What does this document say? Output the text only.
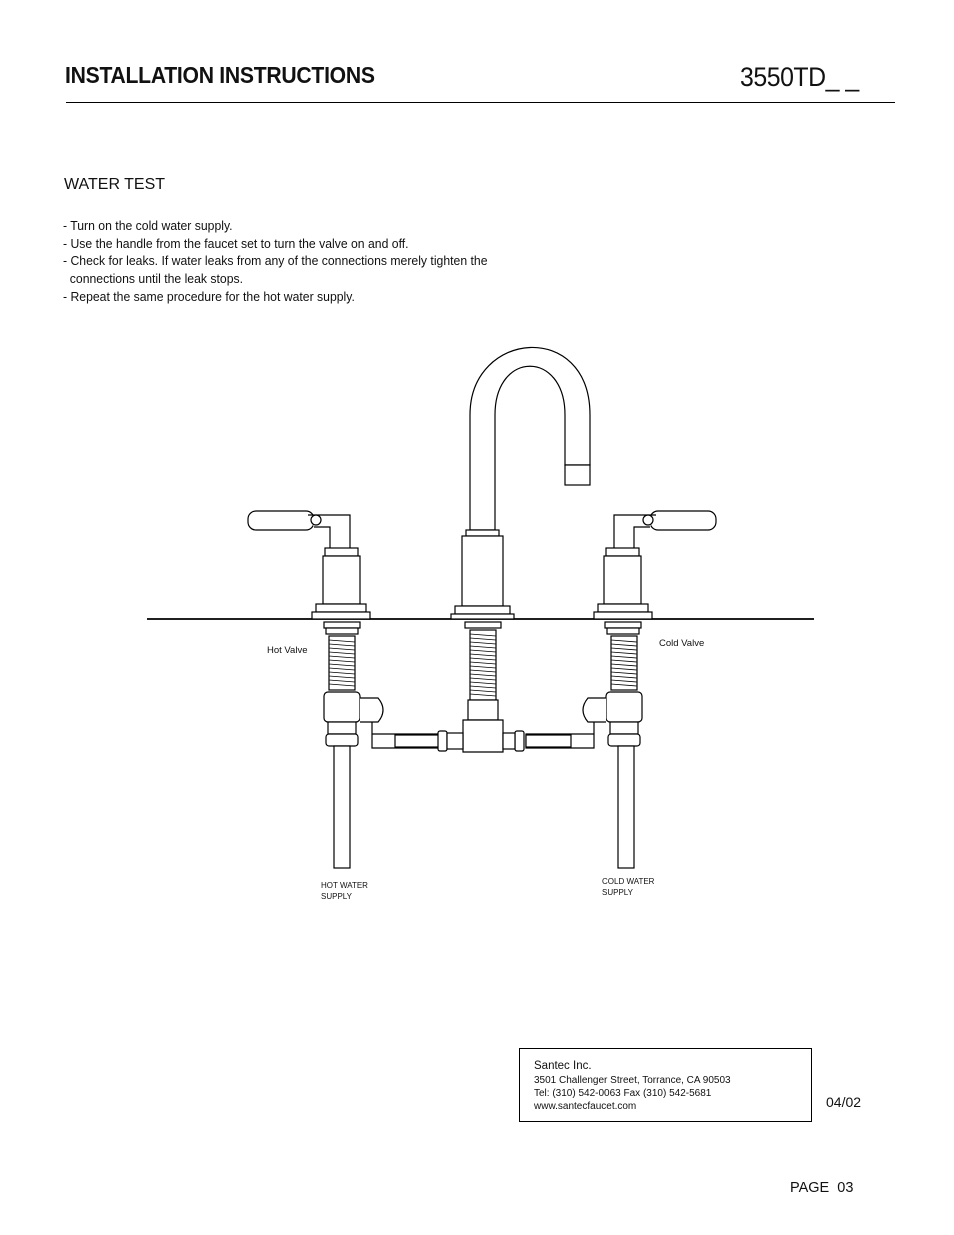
INSTALLATION INSTRUCTIONS	3550TD_ _
WATER TEST
- Turn on the cold water supply.
- Use the handle from the faucet set to turn the valve on and off.
- Check for leaks. If water leaks from any of the connections merely tighten the
connections until the leak stops.
- Repeat the same procedure for the hot water supply.
Hot Valve
Cold Valve
HOT WATER
SUPPLY
COLD WATER
SUPPLY
Santec Inc.
3501 Challenger Street, Torrance, CA 90503
Tel: (310) 542-0063 Fax (310) 542-5681
www.santecfaucet.com	04/02
PAGE  03
